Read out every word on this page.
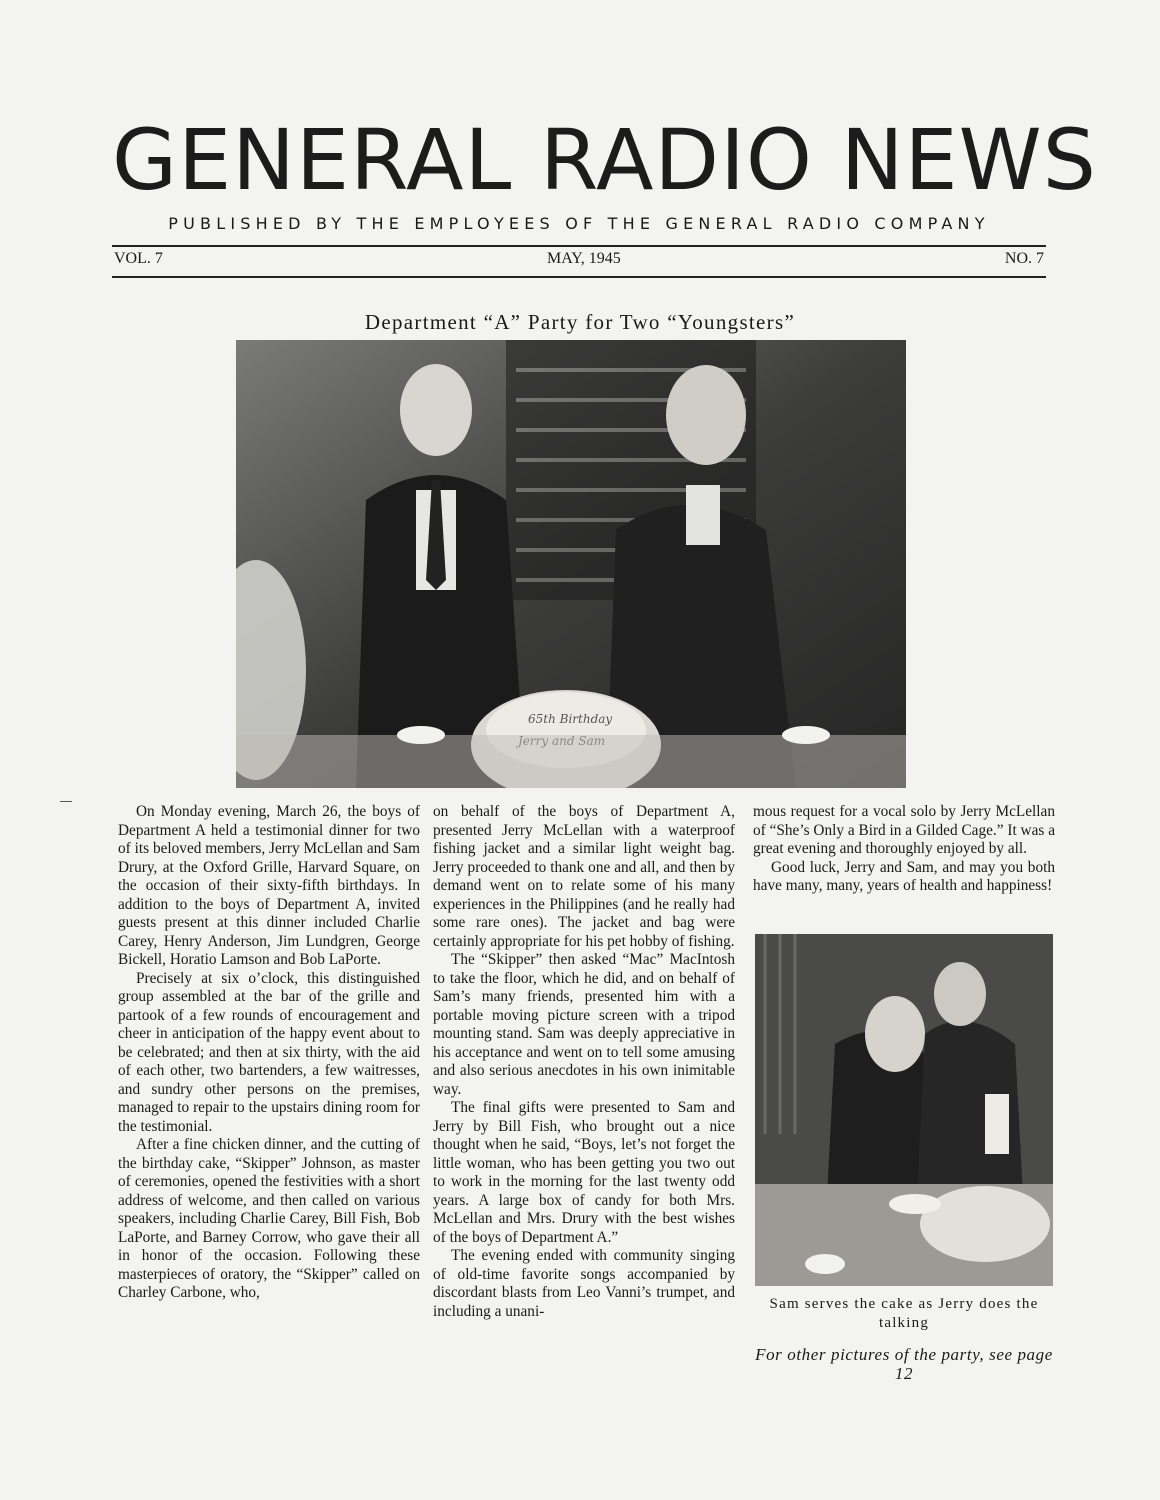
GENERAL RADIO NEWS
PUBLISHED BY THE EMPLOYEES OF THE GENERAL RADIO COMPANY
VOL. 7	MAY, 1945	NO. 7
Department “A” Party for Two “Youngsters”
65th Birthday

On Monday evening, March 26, the boys of Department A held a testimonial dinner for two of its beloved members, Jerry McLellan and Sam Drury, at the Oxford Grille, Harvard Square, on the occasion of their sixty-fifth birthdays. In addition to the boys of Department A, invited guests present at this dinner included Charlie Carey, Henry Anderson, Jim Lundgren, George Bickell, Horatio Lamson and Bob LaPorte.

Precisely at six o’clock, this distinguished group assembled at the bar of the grille and partook of a few rounds of encouragement and cheer in anticipation of the happy event about to be celebrated; and then at six thirty, with the aid of each other, two bartenders, a few waitresses, and sundry other persons on the premises, managed to repair to the upstairs dining room for the testimonial.

After a fine chicken dinner, and the cutting of the birthday cake, “Skipper” Johnson, as master of ceremonies, opened the festivities with a short address of welcome, and then called on various speakers, including Charlie Carey, Bill Fish, Bob LaPorte, and Barney Corrow, who gave their all in honor of the occasion. Following these masterpieces of oratory, the “Skipper” called on Charley Carbone, who,

on behalf of the boys of Department A, presented Jerry McLellan with a waterproof fishing jacket and a similar light weight bag. Jerry proceeded to thank one and all, and then by demand went on to relate some of his many experiences in the Philippines (and he really had some rare ones). The jacket and bag were certainly appropriate for his pet hobby of fishing.

The “Skipper” then asked “Mac” MacIntosh to take the floor, which he did, and on behalf of Sam’s many friends, presented him with a portable moving picture screen with a tripod mounting stand. Sam was deeply appreciative in his acceptance and went on to tell some amusing and also serious anecdotes in his own inimitable way.

The final gifts were presented to Sam and Jerry by Bill Fish, who brought out a nice thought when he said, “Boys, let’s not forget the little woman, who has been getting you two out to work in the morning for the last twenty odd years. A large box of candy for both Mrs. McLellan and Mrs. Drury with the best wishes of the boys of Department A.”

The evening ended with community singing of old-time favorite songs accompanied by discordant blasts from Leo Vanni’s trumpet, and including a unani-

mous request for a vocal solo by Jerry McLellan of “She’s Only a Bird in a Gilded Cage.” It was a great evening and thoroughly enjoyed by all.

Good luck, Jerry and Sam, and may you both have many, many, years of health and happiness!

Sam serves the cake as Jerry does the talking
For other pictures of the party, see page 12
